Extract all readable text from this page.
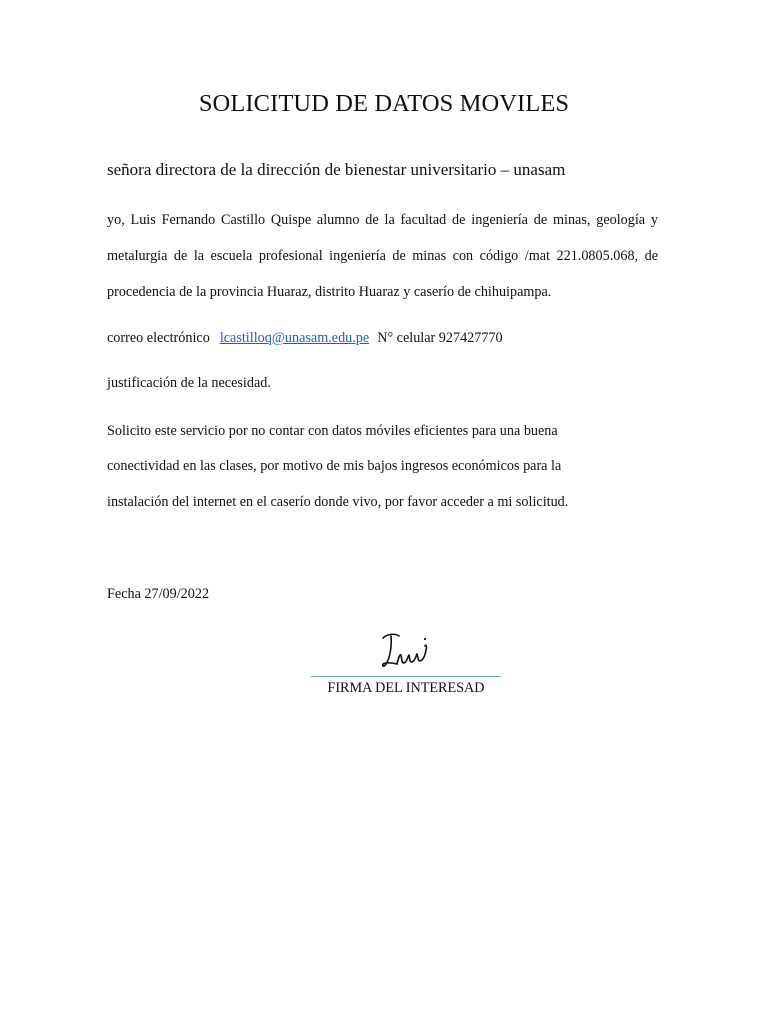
SOLICITUD DE DATOS MOVILES

señora directora de la dirección de bienestar universitario – unasam

yo, Luis Fernando Castillo Quispe alumno de la facultad de ingeniería de minas, geología y

metalurgia de la escuela profesional ingeniería de minas con código /mat 221.0805.068, de

procedencia de la provincia Huaraz, distrito Huaraz y caserío de chihuipampa.

correo electrónico lcastilloq@unasam.edu.pe N° celular 927427770

justificación de la necesidad.

Solicito este servicio por no contar con datos móviles eficientes para una buena

conectividad en las clases, por motivo de mis bajos ingresos económicos para la

instalación del internet en el caserío donde vivo, por favor acceder a mi solicitud.

Fecha 27/09/2022

FIRMA DEL INTERESAD
